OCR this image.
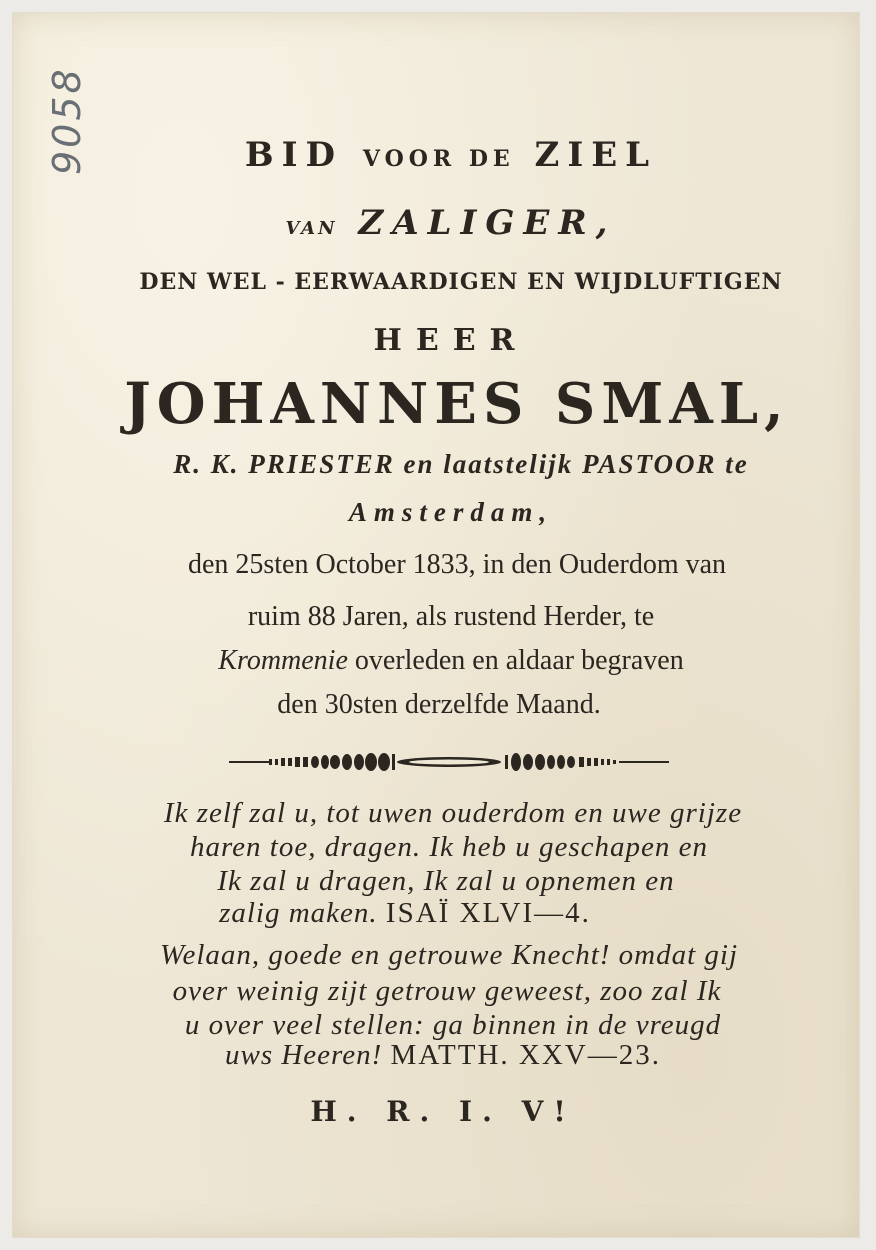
9058	BID VOOR DE ZIEL
VAN ZALIGER,
DEN WEL - EERWAARDIGEN EN WIJDLUFTIGEN
HEER
JOHANNES SMAL,
R. K. PRIESTER en laatstelijk PASTOOR te
Amsterdam,
den 25sten October 1833, in den Ouderdom van
ruim 88 Jaren, als rustend Herder, te
Krommenie overleden en aldaar begraven
den 30sten derzelfde Maand.
Ik zelf zal u, tot uwen ouderdom en uwe grijze
haren toe, dragen. Ik heb u geschapen en
Ik zal u dragen, Ik zal u opnemen en
zalig maken. ISAÏ XLVI—4.
Welaan, goede en getrouwe Knecht! omdat gij
over weinig zijt getrouw geweest, zoo zal Ik
u over veel stellen: ga binnen in de vreugd
uws Heeren! MATTH. XXV—23.
H. R. I. V!
